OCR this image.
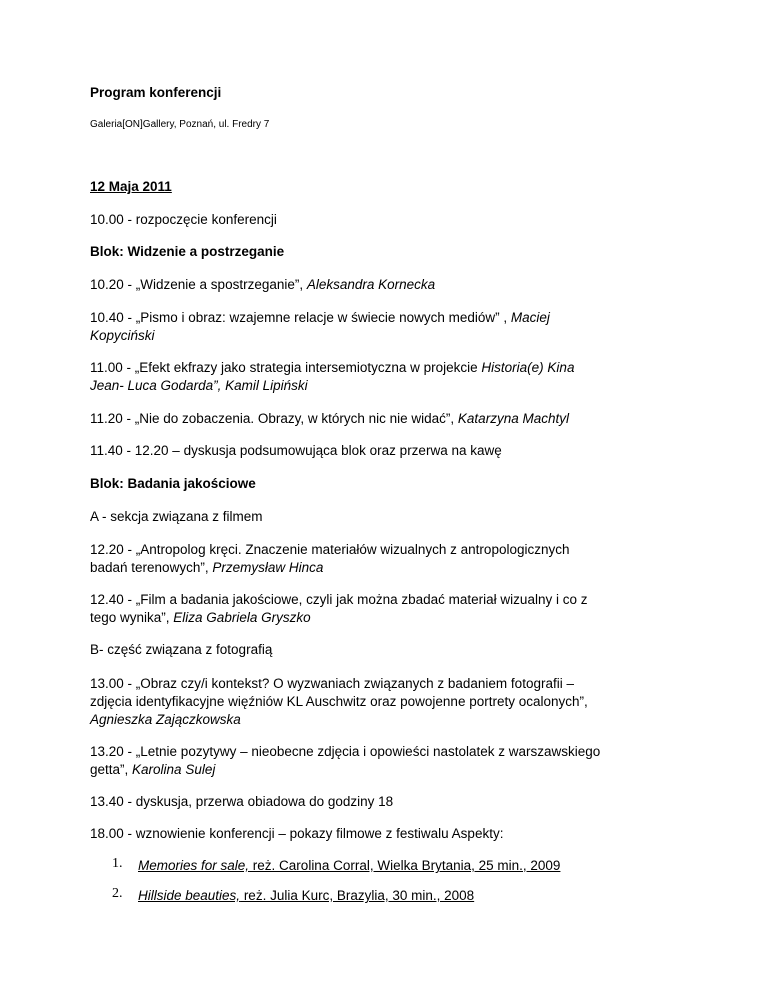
Program konferencji
Galeria[ON]Gallery, Poznań, ul. Fredry 7
12 Maja 2011
10.00 - rozpoczęcie konferencji
Blok: Widzenie a postrzeganie
10.20 - „Widzenie a spostrzeganie”, Aleksandra Kornecka
10.40 - „Pismo i obraz: wzajemne relacje w świecie nowych mediów” , Maciej
Kopyciński
11.00 - „Efekt ekfrazy jako strategia intersemiotyczna w projekcie Historia(e) Kina
Jean- Luca Godarda”, Kamil Lipiński
11.20 - „Nie do zobaczenia. Obrazy, w których nic nie widać”, Katarzyna Machtyl
11.40 - 12.20 – dyskusja podsumowująca blok oraz przerwa na kawę
Blok: Badania jakościowe
A - sekcja związana z filmem
12.20 - „Antropolog kręci. Znaczenie materiałów wizualnych z antropologicznych
badań terenowych”, Przemysław Hinca
12.40 - „Film a badania jakościowe, czyli jak można zbadać materiał wizualny i co z
tego wynika”, Eliza Gabriela Gryszko
B- część związana z fotografią
13.00 - „Obraz czy/i kontekst? O wyzwaniach związanych z badaniem fotografii –
zdjęcia identyfikacyjne więźniów KL Auschwitz oraz powojenne portrety ocalonych”,
Agnieszka Zajączkowska
13.20 - „Letnie pozytywy – nieobecne zdjęcia i opowieści nastolatek z warszawskiego
getta”, Karolina Sulej
13.40 - dyskusja, przerwa obiadowa do godziny 18
18.00 - wznowienie konferencji – pokazy filmowe z festiwalu Aspekty:
1. Memories for sale, reż. Carolina Corral, Wielka Brytania, 25 min., 2009
2. Hillside beauties, reż. Julia Kurc, Brazylia, 30 min., 2008
